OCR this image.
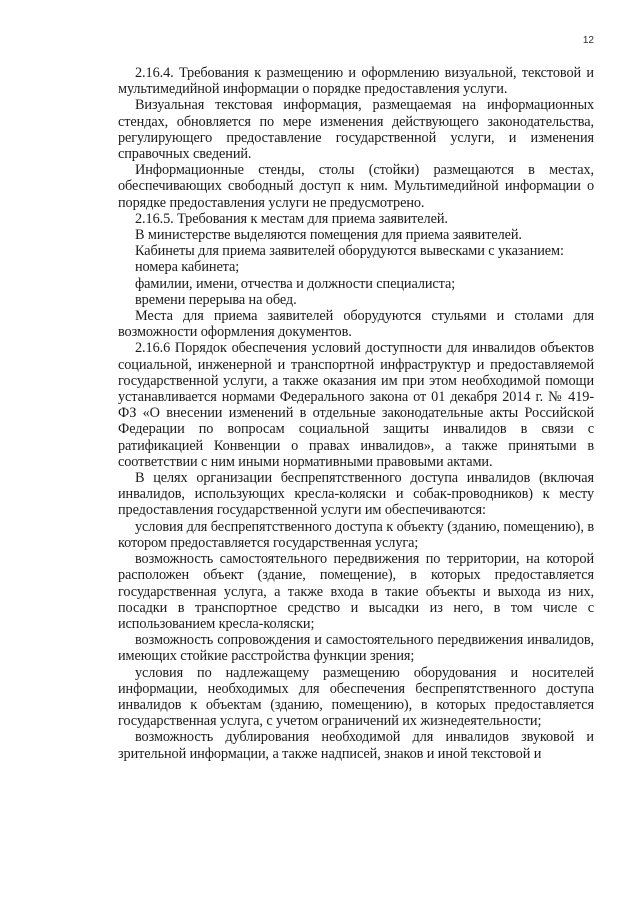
12

2.16.4. Требования к размещению и оформлению визуальной, текстовой и мультимедийной информации о порядке предоставления услуги.

Визуальная текстовая информация, размещаемая на информационных стендах, обновляется по мере изменения действующего законодательства, регулирующего предоставление государственной услуги, и изменения справочных сведений.

Информационные стенды, столы (стойки) размещаются в местах, обеспечивающих свободный доступ к ним. Мультимедийной информации о порядке предоставления услуги не предусмотрено.

2.16.5. Требования к местам для приема заявителей.

В министерстве выделяются помещения для приема заявителей.

Кабинеты для приема заявителей оборудуются вывесками с указанием:

номера кабинета;

фамилии, имени, отчества и должности специалиста;

времени перерыва на обед.

Места для приема заявителей оборудуются стульями и столами для возможности оформления документов.

2.16.6 Порядок обеспечения условий доступности для инвалидов объектов социальной, инженерной и транспортной инфраструктур и предоставляемой государственной услуги, а также оказания им при этом необходимой помощи устанавливается нормами Федерального закона от 01 декабря 2014 г. № 419-ФЗ «О внесении изменений в отдельные законодательные акты Российской Федерации по вопросам социальной защиты инвалидов в связи с ратификацией Конвенции о правах инвалидов», а также принятыми в соответствии с ним иными нормативными правовыми актами.

В целях организации беспрепятственного доступа инвалидов (включая инвалидов, использующих кресла-коляски и собак-проводников) к месту предоставления государственной услуги им обеспечиваются:

условия для беспрепятственного доступа к объекту (зданию, помещению), в котором предоставляется государственная услуга;

возможность самостоятельного передвижения по территории, на которой расположен объект (здание, помещение), в которых предоставляется государственная услуга, а также входа в такие объекты и выхода из них, посадки в транспортное средство и высадки из него, в том числе с использованием кресла-коляски;

возможность сопровождения и самостоятельного передвижения инвалидов, имеющих стойкие расстройства функции зрения;

условия по надлежащему размещению оборудования и носителей информации, необходимых для обеспечения беспрепятственного доступа инвалидов к объектам (зданию, помещению), в которых предоставляется государственная услуга, с учетом ограничений их жизнедеятельности;

возможность дублирования необходимой для инвалидов звуковой и зрительной информации, а также надписей, знаков и иной текстовой и
